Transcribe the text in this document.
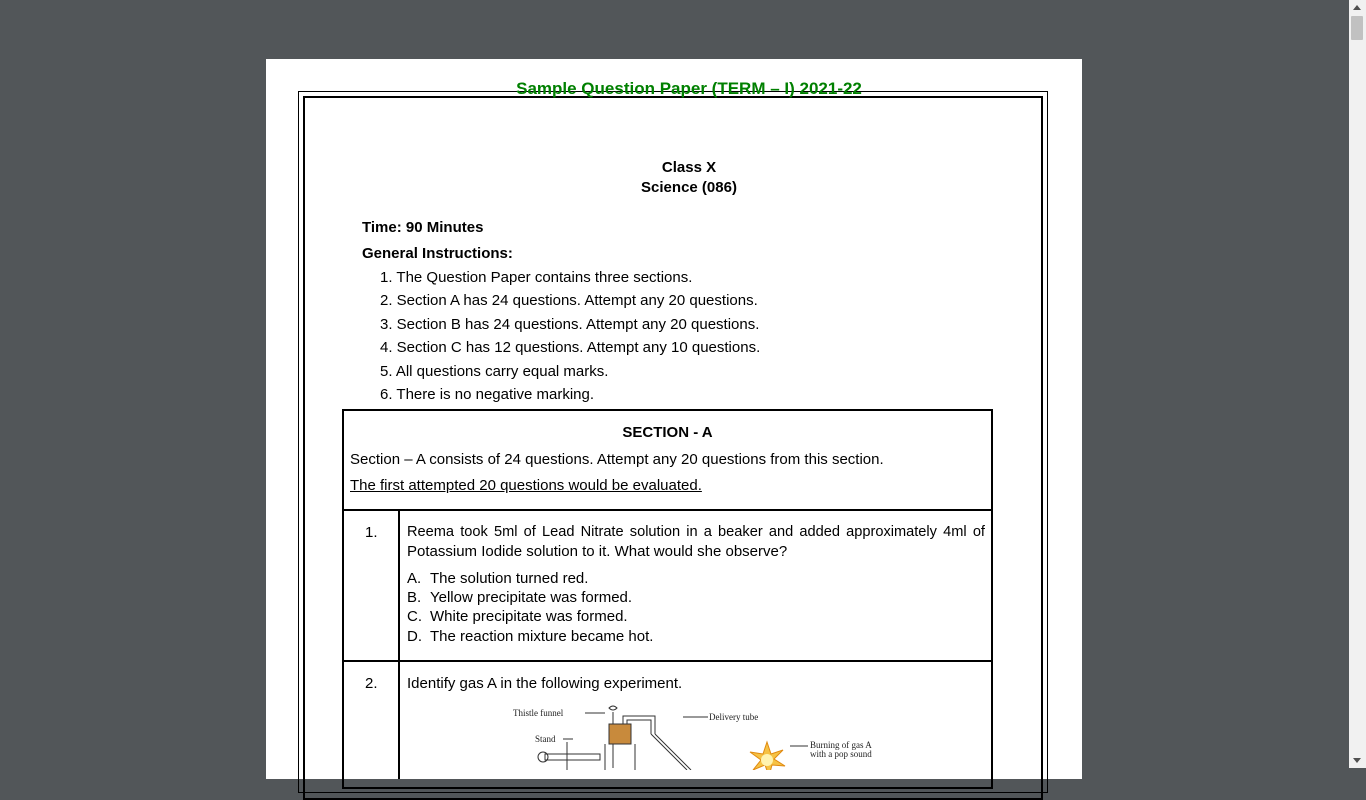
Sample Question Paper (TERM – I) 2021-22
Class X
Science (086)
Time: 90 Minutes
General Instructions:
1. The Question Paper contains three sections.
2. Section A has 24 questions. Attempt any 20 questions.
3. Section B has 24 questions. Attempt any 20 questions.
4. Section C has 12 questions. Attempt any 10 questions.
5. All questions carry equal marks.
6. There is no negative marking.
SECTION - A
Section – A consists of 24 questions. Attempt any 20 questions from this section.
The first attempted 20 questions would be evaluated.
1. Reema took 5ml of Lead Nitrate solution in a beaker and added approximately 4ml of
Potassium Iodide solution to it. What would she observe?
A. The solution turned red.
B. Yellow precipitate was formed.
C. White precipitate was formed.
D. The reaction mixture became hot.
2. Identify gas A in the following experiment.
Thistle funnel
Stand
Delivery tube
Burning of gas A
with a pop sound
